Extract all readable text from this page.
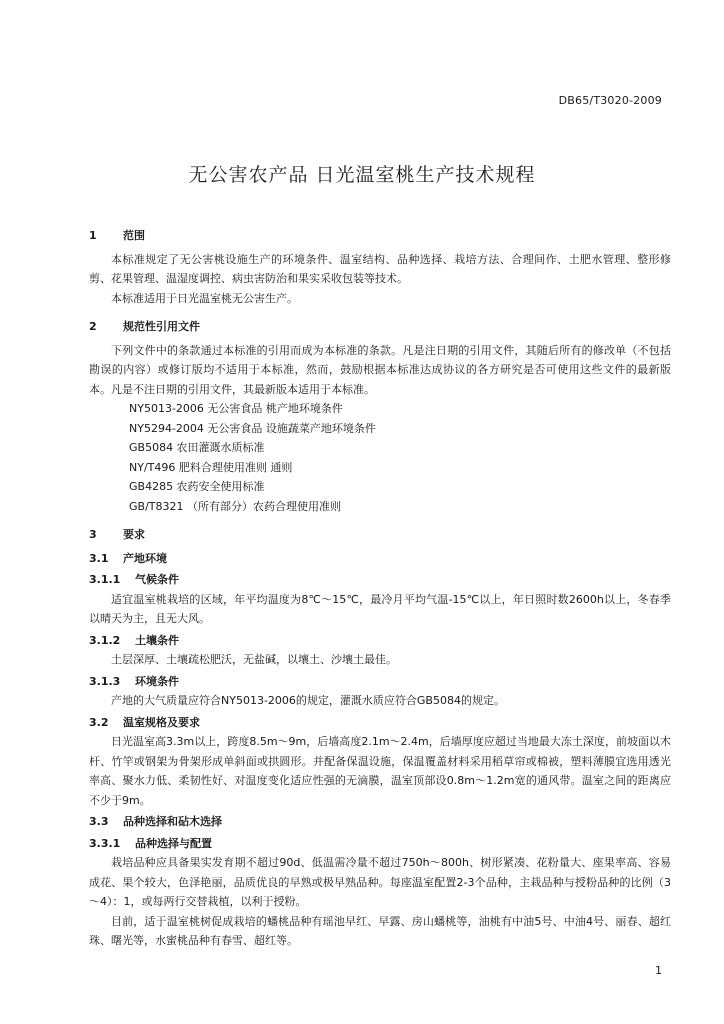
DB65/T3020-2009
无公害农产品 日光温室桃生产技术规程
1 范围

本标准规定了无公害桃设施生产的环境条件、温室结构、品种选择、栽培方法、合理间作、土肥水管理、整形修剪、花果管理、温湿度调控、病虫害防治和果实采收包装等技术。

本标准适用于日光温室桃无公害生产。

2 规范性引用文件

下列文件中的条款通过本标准的引用而成为本标准的条款。凡是注日期的引用文件，其随后所有的修改单（不包括勘误的内容）或修订版均不适用于本标准，然而，鼓励根据本标准达成协议的各方研究是否可使用这些文件的最新版本。凡是不注日期的引用文件，其最新版本适用于本标准。

NY5013-2006 无公害食品 桃产地环境条件
NY5294-2004 无公害食品 设施蔬菜产地环境条件
GB5084 农田灌溉水质标准
NY/T496 肥料合理使用准则 通则
GB4285 农药安全使用标准
GB/T8321 （所有部分）农药合理使用准则
3 要求
3.1 产地环境
3.1.1 气候条件

适宜温室桃栽培的区域，年平均温度为8℃～15℃，最冷月平均气温-15℃以上，年日照时数2600h以上，冬春季以晴天为主，且无大风。

3.1.2 土壤条件

土层深厚、土壤疏松肥沃，无盐碱，以壤土、沙壤土最佳。

3.1.3 环境条件

产地的大气质量应符合NY5013-2006的规定，灌溉水质应符合GB5084的规定。

3.2 温室规格及要求

日光温室高3.3m以上，跨度8.5m～9m，后墙高度2.1m～2.4m，后墙厚度应超过当地最大冻土深度，前坡面以木杆、竹竿或钢架为骨架形成单斜面或拱圆形。并配备保温设施，保温覆盖材料采用稻草帘或棉被，塑料薄膜宜选用透光率高、聚水力低、柔韧性好、对温度变化适应性强的无滴膜，温室顶部设0.8m～1.2m宽的通风带。温室之间的距离应不少于9m。

3.3 品种选择和砧木选择
3.3.1 品种选择与配置

栽培品种应具备果实发育期不超过90d、低温需冷量不超过750h～800h、树形紧凑、花粉量大、座果率高、容易成花、果个较大，色泽艳丽，品质优良的早熟或极早熟品种。每座温室配置2-3个品种，主栽品种与授粉品种的比例（3～4）：1，或每两行交替栽植，以利于授粉。

目前，适于温室桃树促成栽培的蟠桃品种有瑶池早红、早露、房山蟠桃等，油桃有中油5号、中油4号、丽春、超红珠、曙光等，水蜜桃品种有春雪、超红等。

1
